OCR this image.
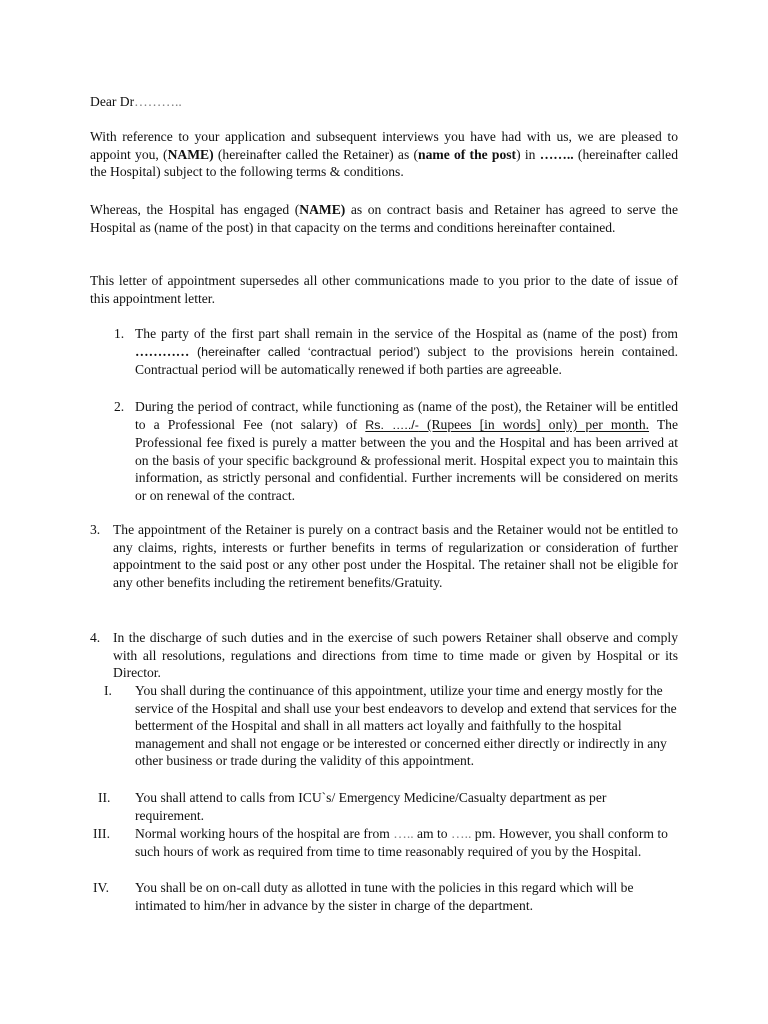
Dear Dr………..

With reference to your application and subsequent interviews you have had with us, we are pleased to appoint you, (NAME) (hereinafter called the Retainer) as (name of the post) in …….. (hereinafter called the Hospital) subject to the following terms & conditions.

Whereas, the Hospital has engaged (NAME) as on contract basis and Retainer has agreed to serve the Hospital as (name of the post) in that capacity on the terms and conditions hereinafter contained.

This letter of appointment supersedes all other communications made to you prior to the date of issue of this appointment letter.

1. The party of the first part shall remain in the service of the Hospital as (name of the post) from ………… (hereinafter called ‘contractual period’) subject to the provisions herein contained. Contractual period will be automatically renewed if both parties are agreeable.

2. During the period of contract, while functioning as (name of the post), the Retainer will be entitled to a Professional Fee (not salary) of Rs. …../- (Rupees [in words] only) per month. The Professional fee fixed is purely a matter between the you and the Hospital and has been arrived at on the basis of your specific background & professional merit. Hospital expect you to maintain this information, as strictly personal and confidential. Further increments will be considered on merits or on renewal of the contract.

3. The appointment of the Retainer is purely on a contract basis and the Retainer would not be entitled to any claims, rights, interests or further benefits in terms of regularization or consideration of further appointment to the said post or any other post under the Hospital. The retainer shall not be eligible for any other benefits including the retirement benefits/Gratuity.

4. In the discharge of such duties and in the exercise of such powers Retainer shall observe and comply with all resolutions, regulations and directions from time to time made or given by Hospital or its Director.

I. You shall during the continuance of this appointment, utilize your time and energy mostly for the service of the Hospital and shall use your best endeavors to develop and extend that services for the betterment of the Hospital and shall in all matters act loyally and faithfully to the hospital management and shall not engage or be interested or concerned either directly or indirectly in any other business or trade during the validity of this appointment.

II. You shall attend to calls from ICU`s/ Emergency Medicine/Casualty department as per requirement.

III. Normal working hours of the hospital are from ….. am to ….. pm. However, you shall conform to such hours of work as required from time to time reasonably required of you by the Hospital.

IV. You shall be on on-call duty as allotted in tune with the policies in this regard which will be intimated to him/her in advance by the sister in charge of the department.
